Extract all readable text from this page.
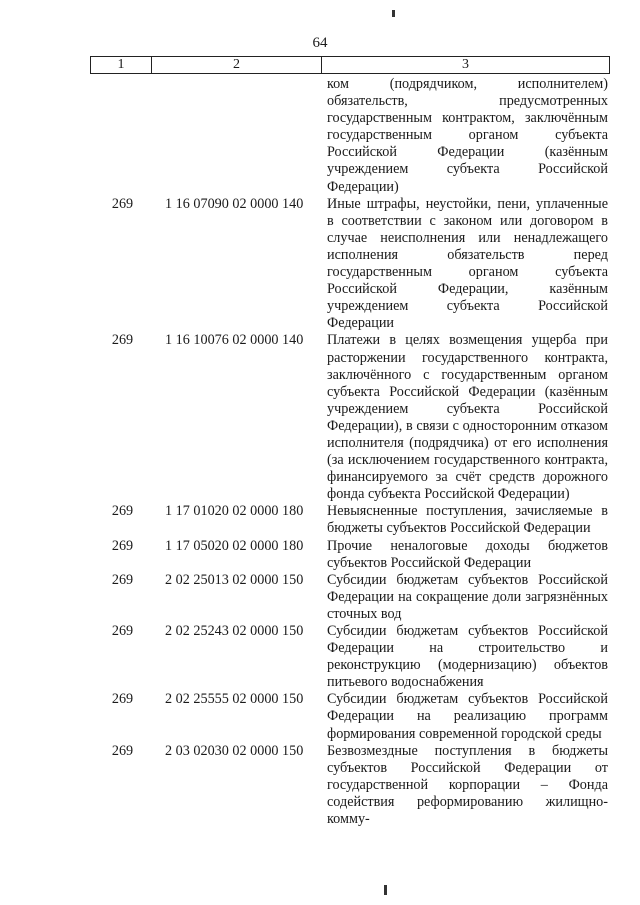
64
1	2	3
ком (подрядчиком, исполнителем) обязательств, предусмотренных государственным контрактом, заключённым государственным органом субъекта Российской Федерации (казённым учреждением субъекта Российской Федерации)
269	1 16 07090 02 0000 140	Иные штрафы, неустойки, пени, уплаченные в соответствии с законом или договором в случае неисполнения или ненадлежащего исполнения обязательств перед государственным органом субъекта Российской Федерации, казённым учреждением субъекта Российской Федерации
269	1 16 10076 02 0000 140	Платежи в целях возмещения ущерба при расторжении государственного контракта, заключённого с государственным органом субъекта Российской Федерации (казённым учреждением субъекта Российской Федерации), в связи с односторонним отказом исполнителя (подрядчика) от его исполнения (за исключением государственного контракта, финансируемого за счёт средств дорожного фонда субъекта Российской Федерации)
269	1 17 01020 02 0000 180	Невыясненные поступления, зачисляемые в бюджеты субъектов Российской Федерации
269	1 17 05020 02 0000 180	Прочие неналоговые доходы бюджетов субъектов Российской Федерации
269	2 02 25013 02 0000 150	Субсидии бюджетам субъектов Российской Федерации на сокращение доли загрязнённых сточных вод
269	2 02 25243 02 0000 150	Субсидии бюджетам субъектов Российской Федерации на строительство и реконструкцию (модернизацию) объектов питьевого водоснабжения
269	2 02 25555 02 0000 150	Субсидии бюджетам субъектов Российской Федерации на реализацию программ формирования современной городской среды
269	2 03 02030 02 0000 150	Безвозмездные поступления в бюджеты субъектов Российской Федерации от государственной корпорации – Фонда содействия реформированию жилищно-комму-
